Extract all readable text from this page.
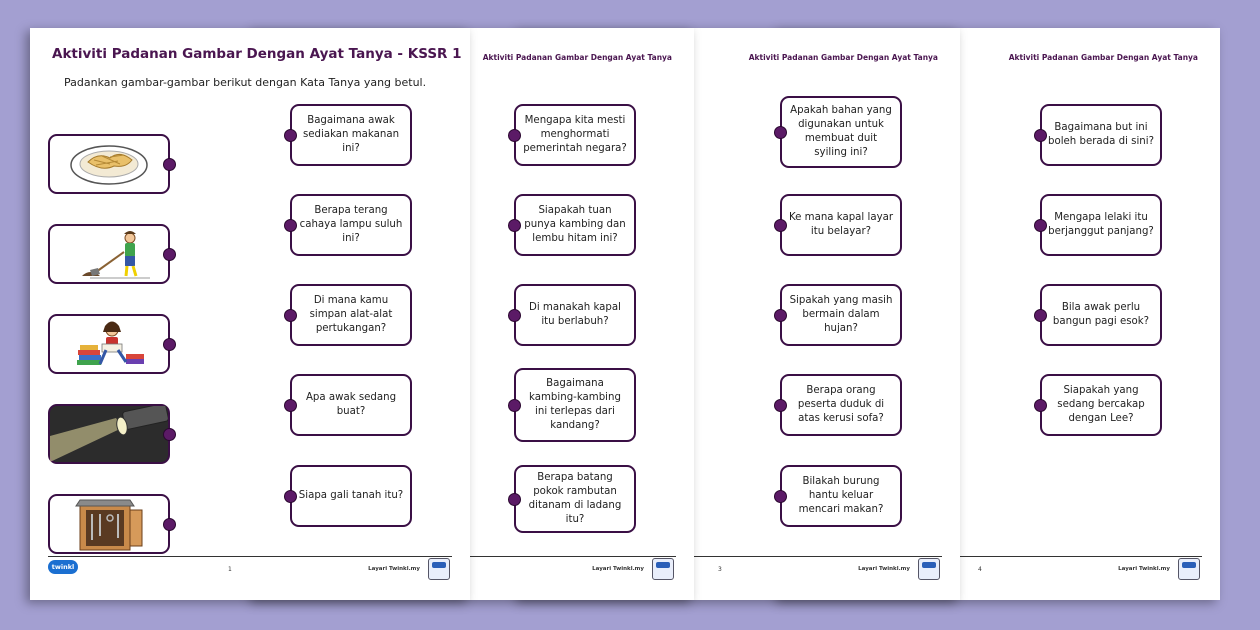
Aktiviti Padanan Gambar Dengan Ayat Tanya
Bagaimana but ini boleh berada di sini?
Mengapa lelaki itu berjanggut panjang?
Bila awak perlu bangun pagi esok?
Siapakah yang sedang bercakap dengan Lee?
4	Layari Twinkl.my
Aktiviti Padanan Gambar Dengan Ayat Tanya
Apakah bahan yang digunakan untuk membuat duit syiling ini?
Ke mana kapal layar itu belayar?
Sipakah yang masih bermain dalam hujan?
Berapa orang peserta duduk di atas kerusi sofa?
Bilakah burung hantu keluar mencari makan?
3	Layari Twinkl.my
Aktiviti Padanan Gambar Dengan Ayat Tanya
Mengapa kita mesti menghormati pemerintah negara?
Siapakah tuan punya kambing dan lembu hitam ini?
Di manakah kapal itu berlabuh?
Bagaimana kambing-kambing ini terlepas dari kandang?
Berapa batang pokok rambutan ditanam di ladang itu?
Layari Twinkl.my
Aktiviti Padanan Gambar Dengan Ayat Tanya - KSSR 1
Padankan gambar-gambar berikut dengan Kata Tanya yang betul.
Bagaimana awak sediakan makanan ini?
Berapa terang cahaya lampu suluh ini?
Di mana kamu simpan alat-alat pertukangan?
Apa awak sedang buat?
Siapa gali tanah itu?
twinkl	1	Layari Twinkl.my
